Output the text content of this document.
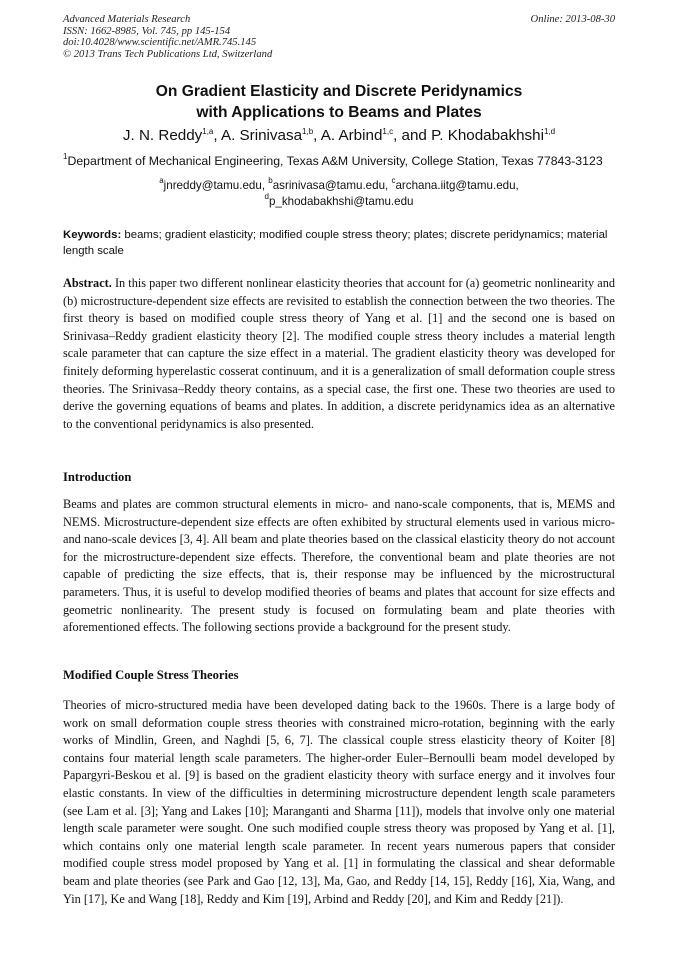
Advanced Materials Research
ISSN: 1662-8985, Vol. 745, pp 145-154
doi:10.4028/www.scientific.net/AMR.745.145
© 2013 Trans Tech Publications Ltd, Switzerland
Online: 2013-08-30
On Gradient Elasticity and Discrete Peridynamics
with Applications to Beams and Plates
J. N. Reddy$^{1,a}$, A. Srinivasa$^{1,b}$, A. Arbind$^{1,c}$, and P. Khodabakhshi$^{1,d}$
$^1$Department of Mechanical Engineering, Texas A&M University, College Station, Texas 77843-3123
$^a$jnreddy@tamu.edu, $^b$asrinivasa@tamu.edu, $^c$archana.iitg@tamu.edu,
$^d$p_khodabakhshi@tamu.edu
Keywords: beams; gradient elasticity; modified couple stress theory; plates; discrete peridynamics; material length scale
Abstract. In this paper two different nonlinear elasticity theories that account for (a) geometric nonlinearity and (b) microstructure-dependent size effects are revisited to establish the connection between the two theories. The first theory is based on modified couple stress theory of Yang et al. [1] and the second one is based on Srinivasa–Reddy gradient elasticity theory [2]. The modified couple stress theory includes a material length scale parameter that can capture the size effect in a material. The gradient elasticity theory was developed for finitely deforming hyperelastic cosserat continuum, and it is a generalization of small deformation couple stress theories. The Srinivasa–Reddy theory contains, as a special case, the first one. These two theories are used to derive the governing equations of beams and plates. In addition, a discrete peridynamics idea as an alternative to the conventional peridynamics is also presented.
Introduction
Beams and plates are common structural elements in micro- and nano-scale components, that is, MEMS and NEMS. Microstructure-dependent size effects are often exhibited by structural elements used in various micro- and nano-scale devices [3, 4]. All beam and plate theories based on the classical elasticity theory do not account for the microstructure-dependent size effects. Therefore, the conventional beam and plate theories are not capable of predicting the size effects, that is, their response may be influenced by the microstructural parameters. Thus, it is useful to develop modified theories of beams and plates that account for size effects and geometric nonlinearity. The present study is focused on formulating beam and plate theories with aforementioned effects. The following sections provide a background for the present study.
Modified Couple Stress Theories
Theories of micro-structured media have been developed dating back to the 1960s. There is a large body of work on small deformation couple stress theories with constrained micro-rotation, beginning with the early works of Mindlin, Green, and Naghdi [5, 6, 7]. The classical couple stress elasticity theory of Koiter [8] contains four material length scale parameters. The higher-order Euler–Bernoulli beam model developed by Papargyri-Beskou et al. [9] is based on the gradient elasticity theory with surface energy and it involves four elastic constants. In view of the difficulties in determining microstructure dependent length scale parameters (see Lam et al. [3]; Yang and Lakes [10]; Maranganti and Sharma [11]), models that involve only one material length scale parameter were sought. One such modified couple stress theory was proposed by Yang et al. [1], which contains only one material length scale parameter. In recent years numerous papers that consider modified couple stress model proposed by Yang et al. [1] in formulating the classical and shear deformable beam and plate theories (see Park and Gao [12, 13], Ma, Gao, and Reddy [14, 15], Reddy [16], Xia, Wang, and Yin [17], Ke and Wang [18], Reddy and Kim [19], Arbind and Reddy [20], and Kim and Reddy [21]).
